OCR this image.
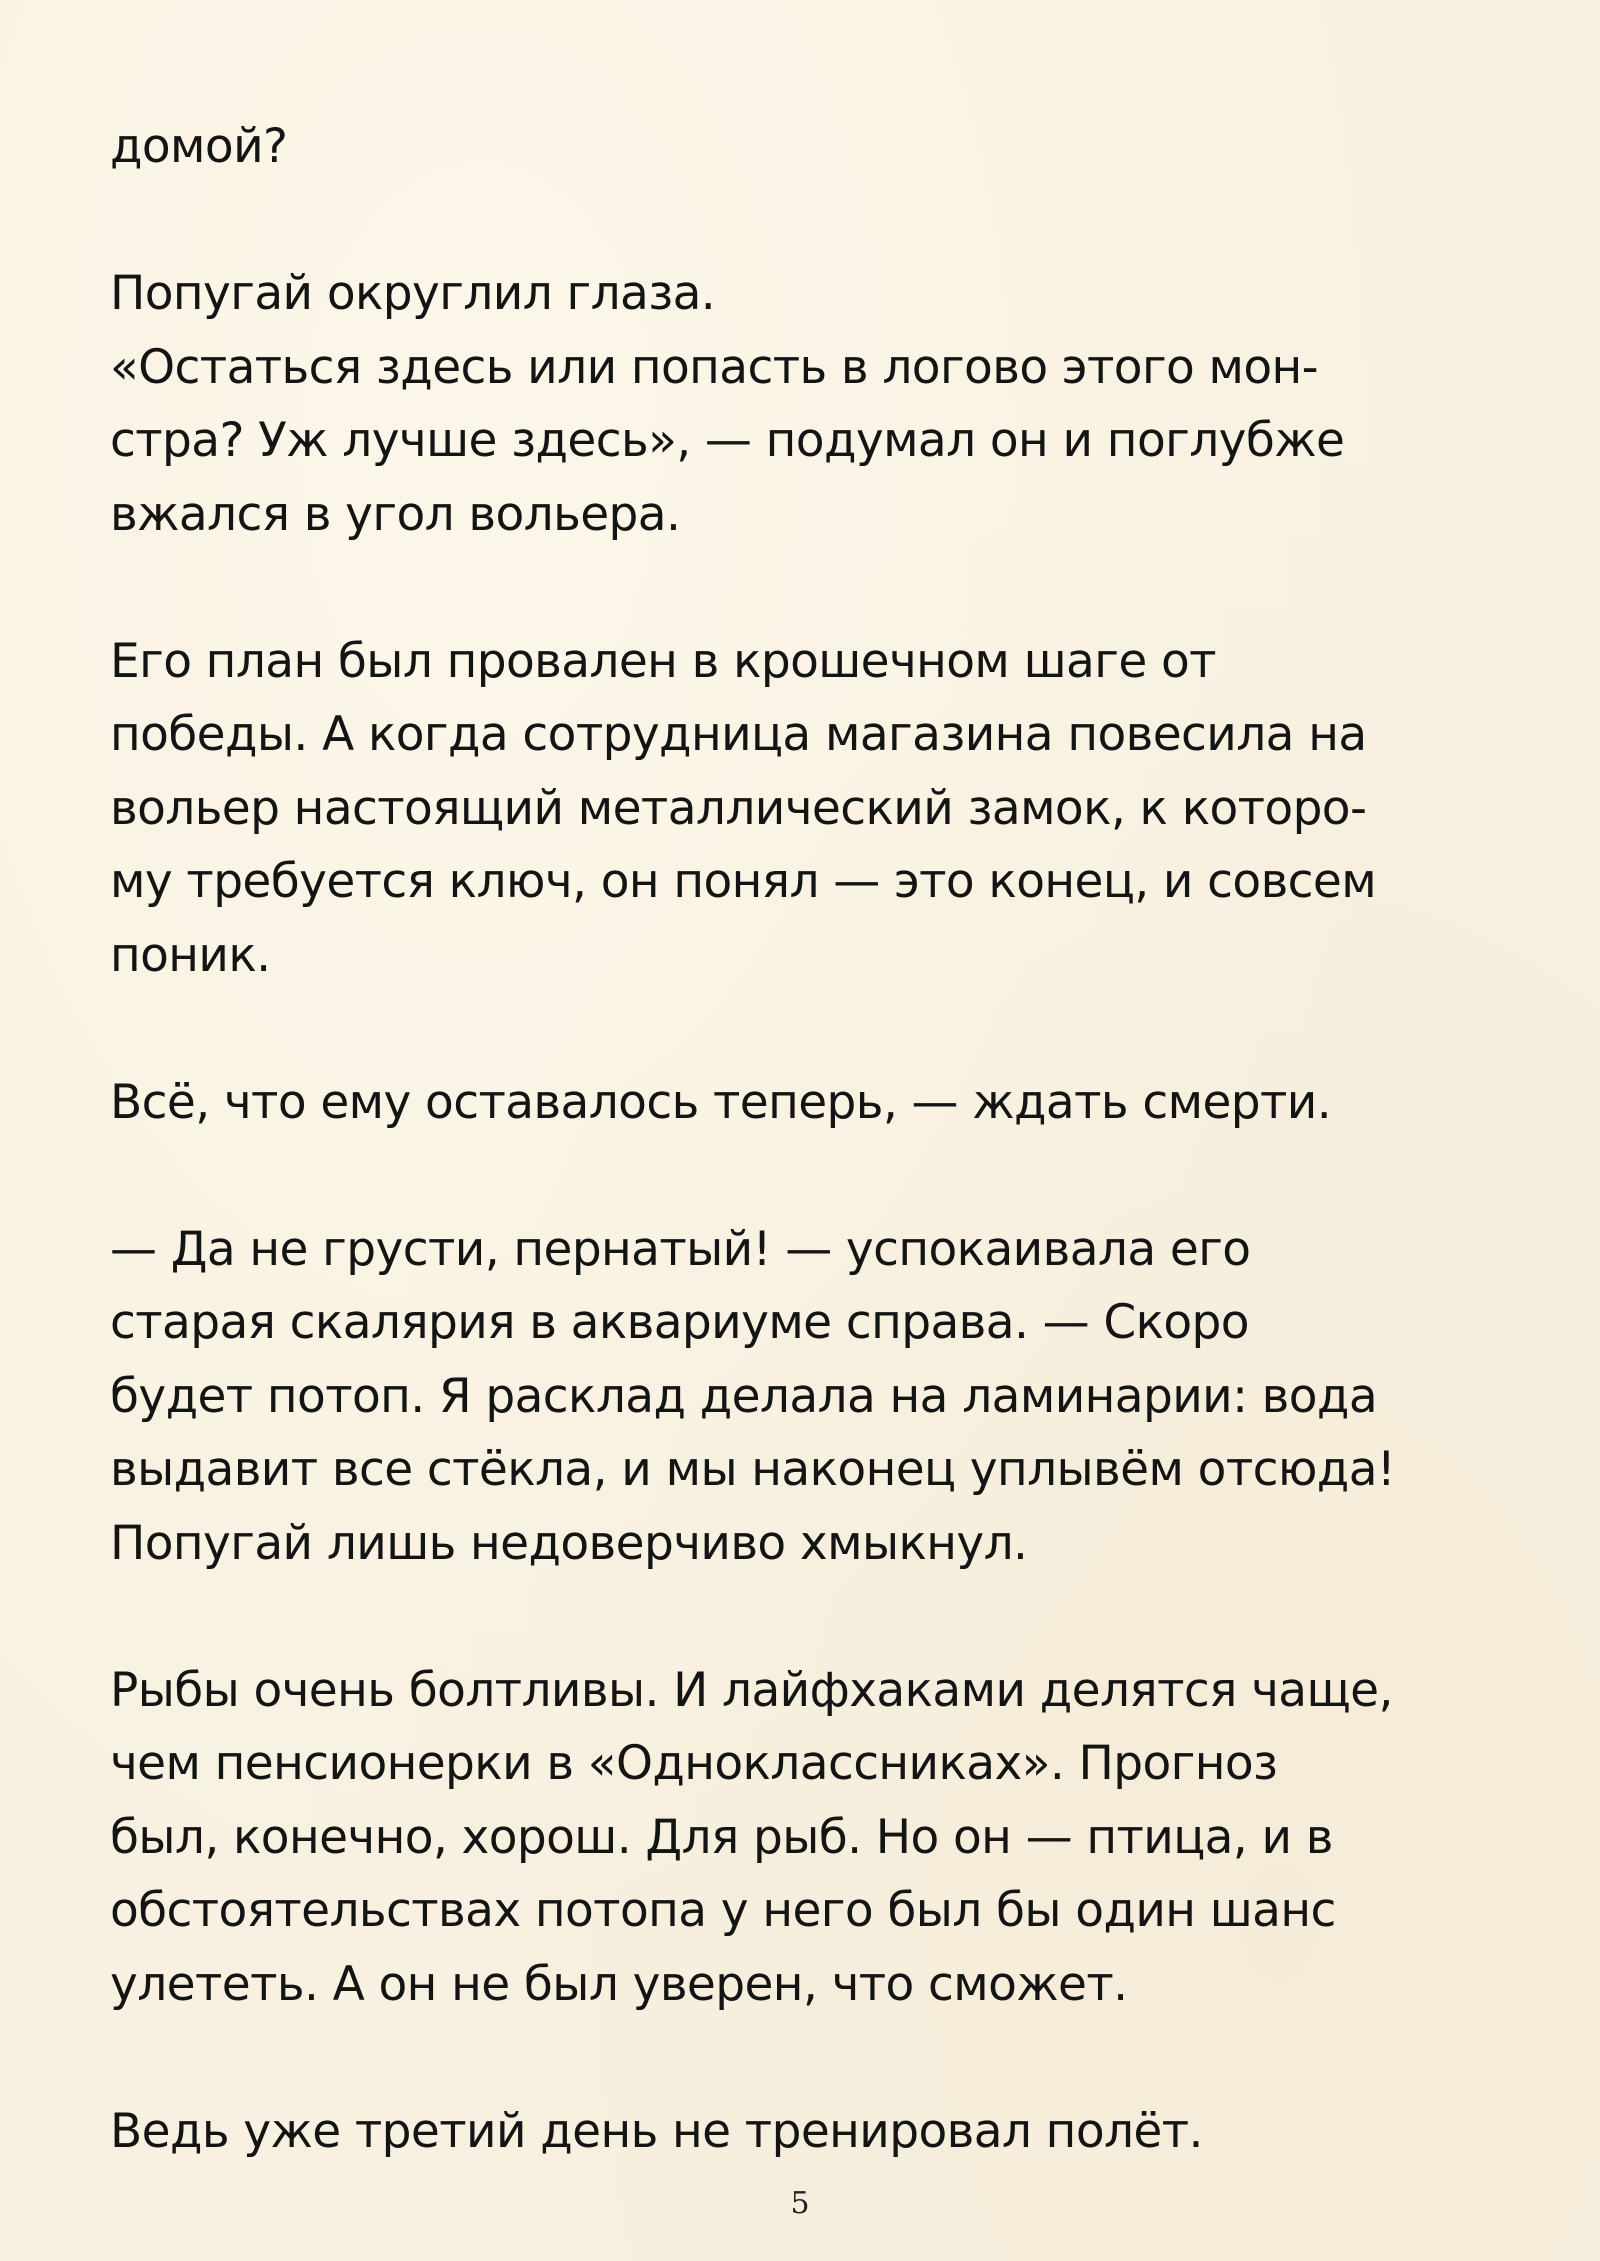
домой?

Попугай округлил глаза.
«Остаться здесь или попасть в логово этого мон-
стра? Уж лучше здесь», — подумал он и поглубже
вжался в угол вольера.

Его план был провален в крошечном шаге от
победы. А когда сотрудница магазина повесила на
вольер настоящий металлический замок, к которо-
му требуется ключ, он понял — это конец, и совсем
поник.

Всё, что ему оставалось теперь, — ждать смерти.

— Да не грусти, пернатый! — успокаивала его
старая скалярия в аквариуме справа. — Скоро
будет потоп. Я расклад делала на ламинарии: вода
выдавит все стёкла, и мы наконец уплывём отсюда!
Попугай лишь недоверчиво хмыкнул.

Рыбы очень болтливы. И лайфхаками делятся чаще,
чем пенсионерки в «Одноклассниках». Прогноз
был, конечно, хорош. Для рыб. Но он — птица, и в
обстоятельствах потопа у него был бы один шанс
улететь. А он не был уверен, что сможет.

Ведь уже третий день не тренировал полёт.

5
